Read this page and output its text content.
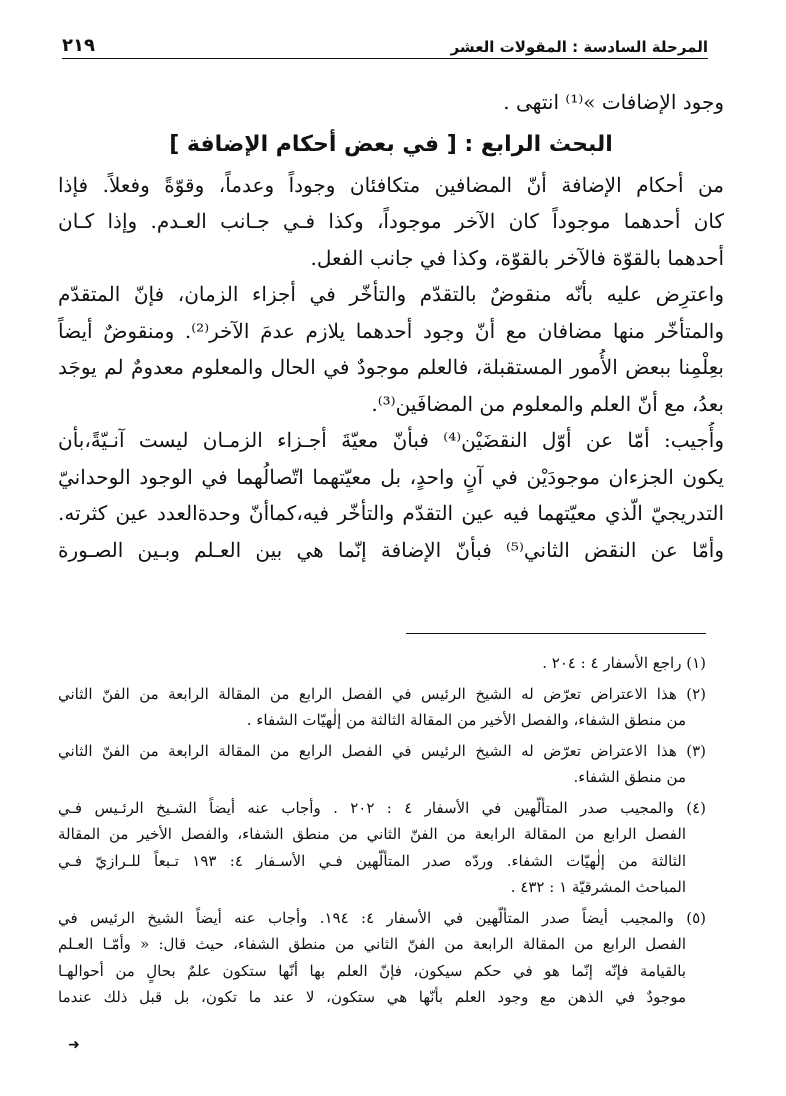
المرحلة السادسة : المقولات العشر
٢١٩
وجود الإضافات »⁽¹⁾ انتهى .
البحث الرابع : [ في بعض أحكام الإضافة ]
من أحكام الإضافة أنّ المضافين متكافئان وجوداً وعدماً، وقوّةً وفعلاً. فإذا
كان أحدهما موجوداً كان الآخر موجوداً، وكذا فـي جـانب العـدم. وإذا كـان
أحدهما بالقوّة فالآخر بالقوّة، وكذا في جانب الفعل.
واعترِض عليه بأنّه منقوضٌ بالتقدّم والتأخّر في أجزاء الزمان، فإنّ المتقدّم
والمتأخّر منها مضافان مع أنّ وجود أحدهما يلازم عدمَ الآخر⁽²⁾. ومنقوضٌ أيضاً
بعِلْمِنا ببعض الأُمور المستقبلة، فالعلم موجودٌ في الحال والمعلوم معدومٌ لم يوجَد
بعدُ، مع أنّ العلم والمعلوم من المضافَين⁽³⁾.
وأُجيب: أمّا عن أوّل النقضَيْن⁽⁴⁾ فبأنّ معيّةَ أجـزاء الزمـان ليست آنـيّةً،بأن
يكون الجزءان موجودَيْن في آنٍ واحدٍ، بل معيّتهما اتّصالُهما في الوجود الوحدانيّ
التدريجيّ الّذي معيّتهما فيه عين التقدّم والتأخّر فيه،كماأنّ وحدةالعدد عين كثرته.
وأمّا عن النقض الثاني⁽⁵⁾ فبأنّ الإضافة إنّما هي بين العـلم وبـين الصـورة
(١) راجع الأسفار ٤ : ٢٠٤ .
(٢) هذا الاعتراض تعرّض له الشيخ الرئيس في الفصل الرابع من المقالة الرابعة من الفنّ الثاني
من منطق الشفاء، والفصل الأخير من المقالة الثالثة من إلٰهيّات الشفاء .
(٣) هذا الاعتراض تعرّض له الشيخ الرئيس في الفصل الرابع من المقالة الرابعة من الفنّ الثاني
من منطق الشفاء.
(٤) والمجيب صدر المتألّهين في الأسفار ٤ : ٢٠٢ . وأجاب عنه أيضاً الشـيخ الرئـيس فـي
الفصل الرابع من المقالة الرابعة من الفنّ الثاني من منطق الشفاء، والفصل الأخير من المقالة
الثالثة من إلٰهيّات الشفاء. وردّه صدر المتألّهين فـي الأسـفار ٤: ١٩٣ تـبعاً للـرازيّ فـي
المباحث المشرقيّة ١ : ٤٣٢ .
(٥) والمجيب أيضاً صدر المتألّهين في الأسفار ٤: ١٩٤. وأجاب عنه أيضاً الشيخ الرئيس في
الفصل الرابع من المقالة الرابعة من الفنّ الثاني من منطق الشفاء، حيث قال: « وأمّـا العـلم
بالقيامة فإنّه إنّما هو في حكم سيكون، فإنّ العلم بها أنّها ستكون علمٌ بحالٍ من أحوالهـا
موجودٌ في الذهن مع وجود العلم بأنّها هي ستكون، لا عند ما تكون، بل قبل ذلك عندما
➜
